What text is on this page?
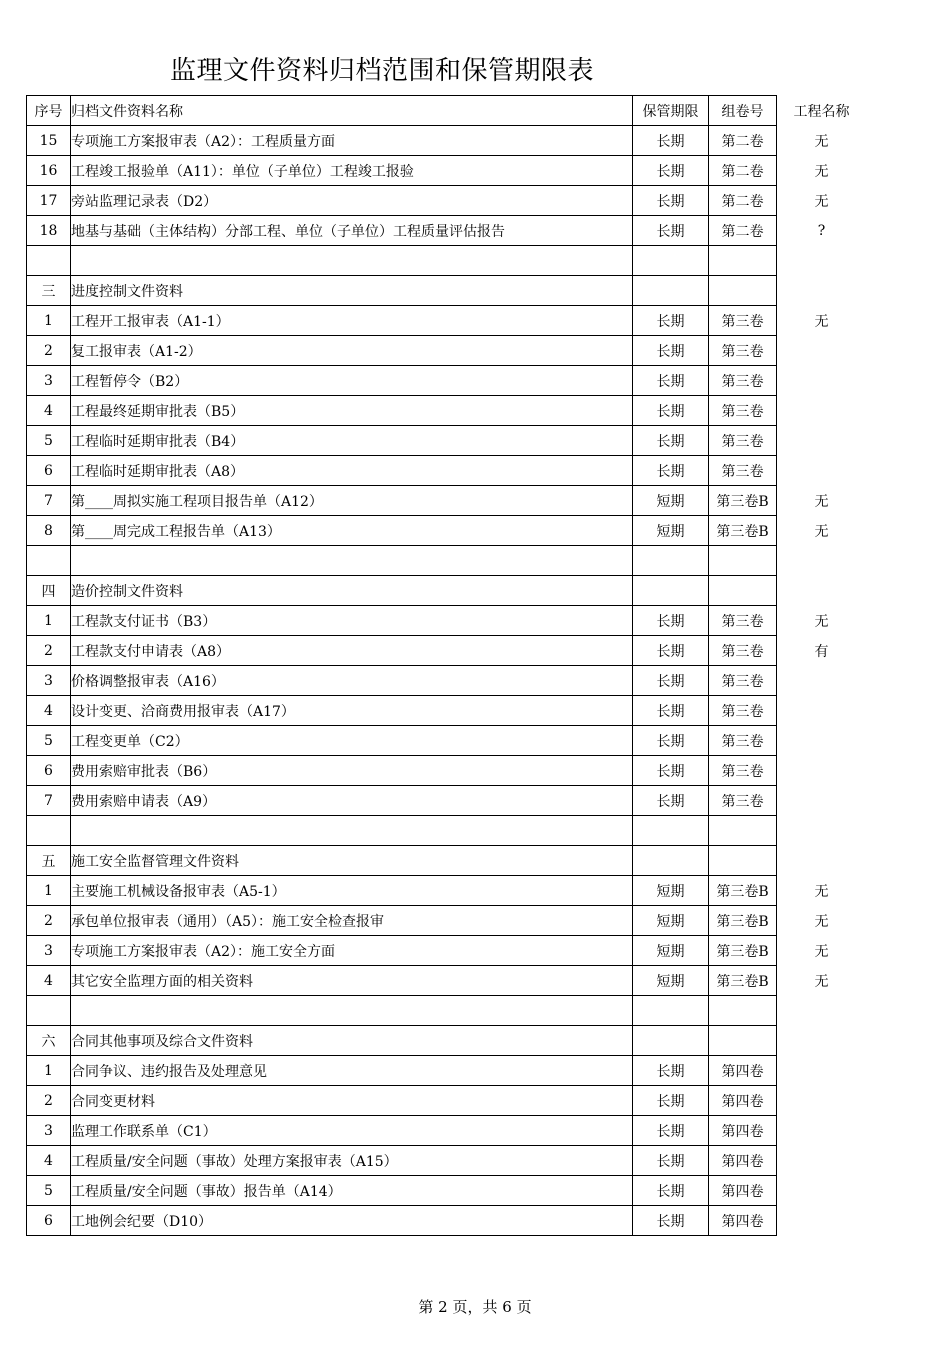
监理文件资料归档范围和保管期限表
序号	归档文件资料名称	保管期限	组卷号	工程名称
15	专项施工方案报审表（A2）：工程质量方面	长期	第二卷	无
16	工程竣工报验单（A11）：单位（子单位）工程竣工报验	长期	第二卷	无
17	旁站监理记录表（D2）	长期	第二卷	无
18	地基与基础（主体结构）分部工程、单位（子单位）工程质量评估报告	长期	第二卷	?

三	进度控制文件资料			
1	工程开工报审表（A1-1）	长期	第三卷	无
2	复工报审表（A1-2）	长期	第三卷	
3	工程暂停令（B2）	长期	第三卷	
4	工程最终延期审批表（B5）	长期	第三卷	
5	工程临时延期审批表（B4）	长期	第三卷	
6	工程临时延期审批表（A8）	长期	第三卷	
7	第____周拟实施工程项目报告单（A12）	短期	第三卷B	无
8	第____周完成工程报告单（A13）	短期	第三卷B	无

四	造价控制文件资料			
1	工程款支付证书（B3）	长期	第三卷	无
2	工程款支付申请表（A8）	长期	第三卷	有
3	价格调整报审表（A16）	长期	第三卷	
4	设计变更、洽商费用报审表（A17）	长期	第三卷	
5	工程变更单（C2）	长期	第三卷	
6	费用索赔审批表（B6）	长期	第三卷	
7	费用索赔申请表（A9）	长期	第三卷	

五	施工安全监督管理文件资料			
1	主要施工机械设备报审表（A5-1）	短期	第三卷B	无
2	承包单位报审表（通用）（A5）：施工安全检查报审	短期	第三卷B	无
3	专项施工方案报审表（A2）：施工安全方面	短期	第三卷B	无
4	其它安全监理方面的相关资料	短期	第三卷B	无

六	合同其他事项及综合文件资料			
1	合同争议、违约报告及处理意见	长期	第四卷	
2	合同变更材料	长期	第四卷	
3	监理工作联系单（C1）	长期	第四卷	
4	工程质量/安全问题（事故）处理方案报审表（A15）	长期	第四卷	
5	工程质量/安全问题（事故）报告单（A14）	长期	第四卷	
6	工地例会纪要（D10）	长期	第四卷	
第 2 页，共 6 页
